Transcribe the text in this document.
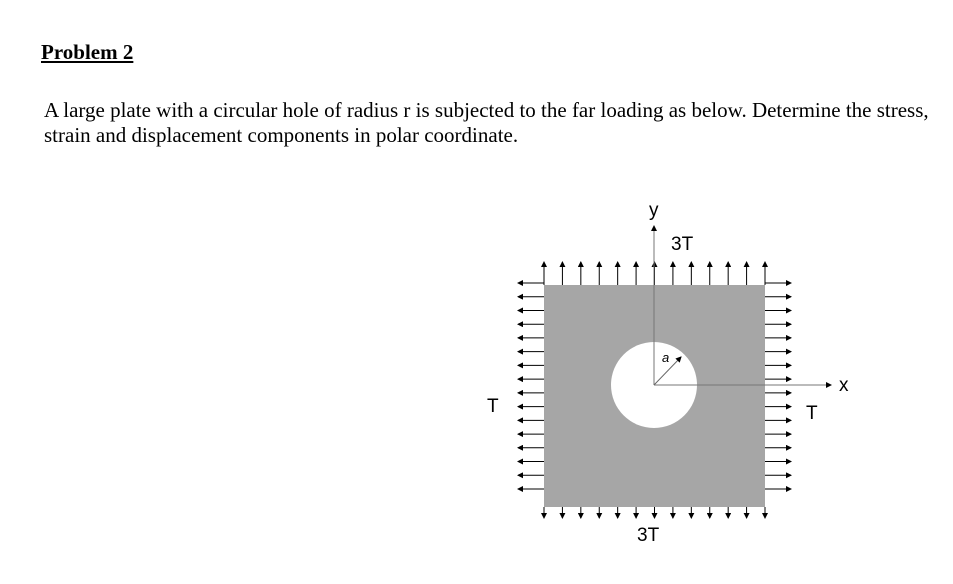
Problem 2

A large plate with a circular hole of radius r is subjected to the far loading as below. Determine the stress, strain and displacement components in polar coordinate.

y
x
3T
3T
T	T
a
